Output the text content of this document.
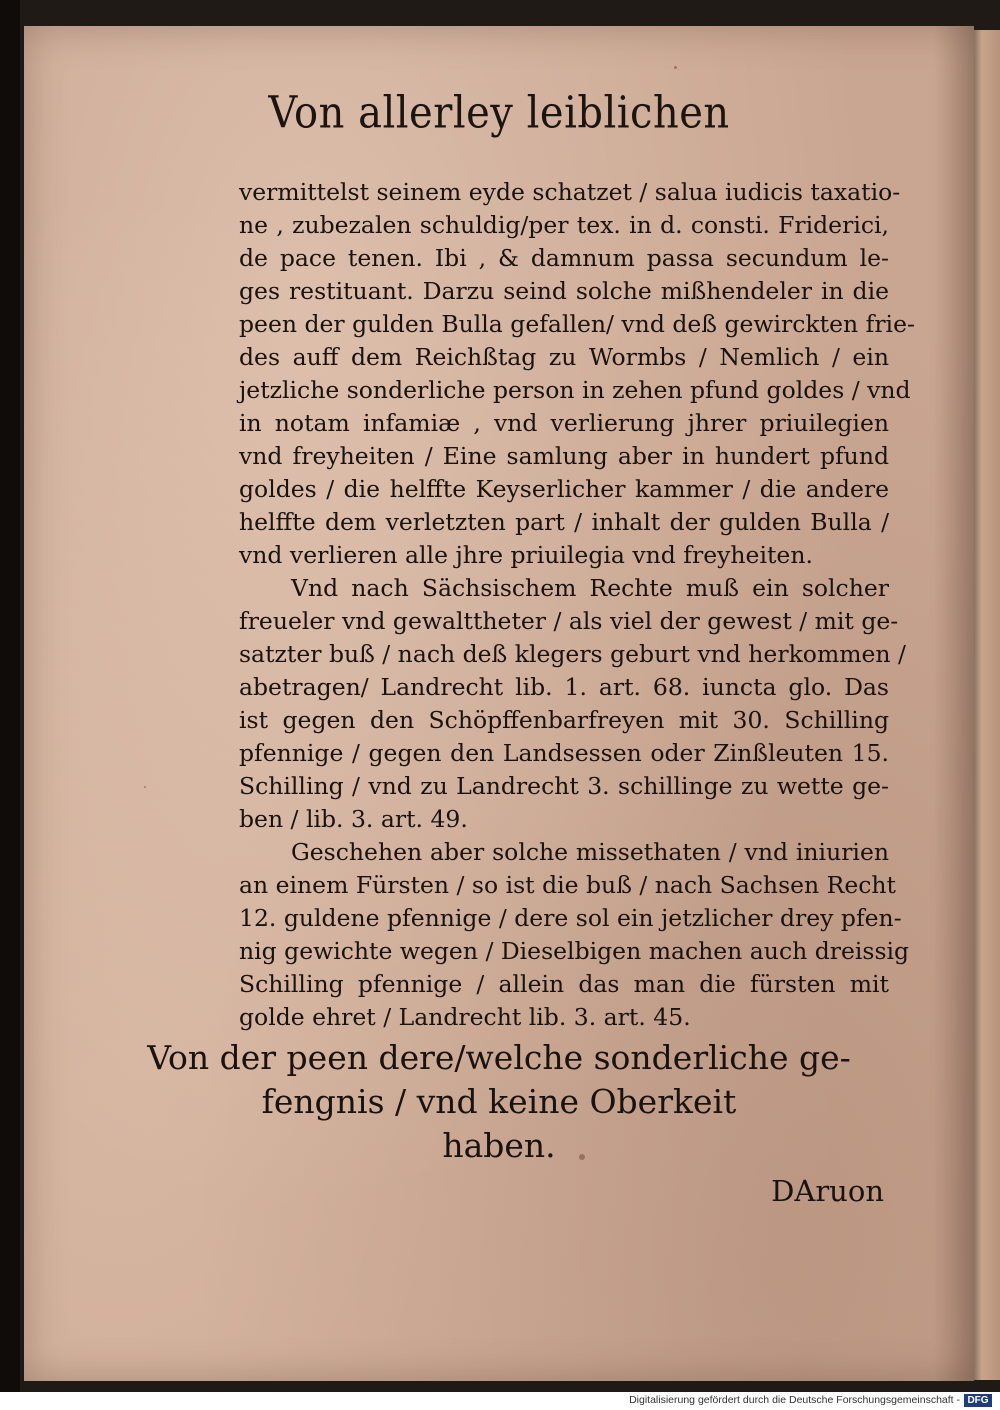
Von allerley leiblichen
vermittelst seinem eyde schatzet / salua iudicis taxatio-
ne , zubezalen schuldig/per tex. in d. consti. Friderici,
de pace tenen. Ibi , & damnum passa secundum le-
ges restituant. Darzu seind solche mißhendeler in die
peen der gulden Bulla gefallen/ vnd deß gewirckten frie-
des auff dem Reichßtag zu Wormbs / Nemlich / ein
jetzliche sonderliche person in zehen pfund goldes / vnd
in notam infamiæ , vnd verlierung jhrer priuilegien
vnd freyheiten / Eine samlung aber in hundert pfund
goldes / die helffte Keyserlicher kammer / die andere
helffte dem verletzten part / inhalt der gulden Bulla /
vnd verlieren alle jhre priuilegia vnd freyheiten.
Vnd nach Sächsischem Rechte muß ein solcher
freueler vnd gewaltthеter / als viel der gewest / mit ge-
satzter buß / nach deß klegers geburt vnd herkommen /
abetragen/ Landrecht lib. 1. art. 68. iuncta glo. Das
ist gegen den Schöpffenbarfreyen mit 30. Schilling
pfennige / gegen den Landsessen oder Zinßleuten 15.
Schilling / vnd zu Landrecht 3. schillinge zu wette ge-
ben / lib. 3. art. 49.
Geschehen aber solche missethaten / vnd iniurien
an einem Fürsten / so ist die buß / nach Sachsen Recht
12. guldene pfennige / dere sol ein jetzlicher drey pfen-
nig gewichte wegen / Dieselbigen machen auch dreissig
Schilling pfennige / allein das man die fürsten mit
golde ehret / Landrecht lib. 3. art. 45.
Von der peen dere/welche sonderliche ge-
fengnis / vnd keine Oberkeit
haben.
DAruon
Digitalisierung gefördert durch die Deutsche Forschungsgemeinschaft - DFG
